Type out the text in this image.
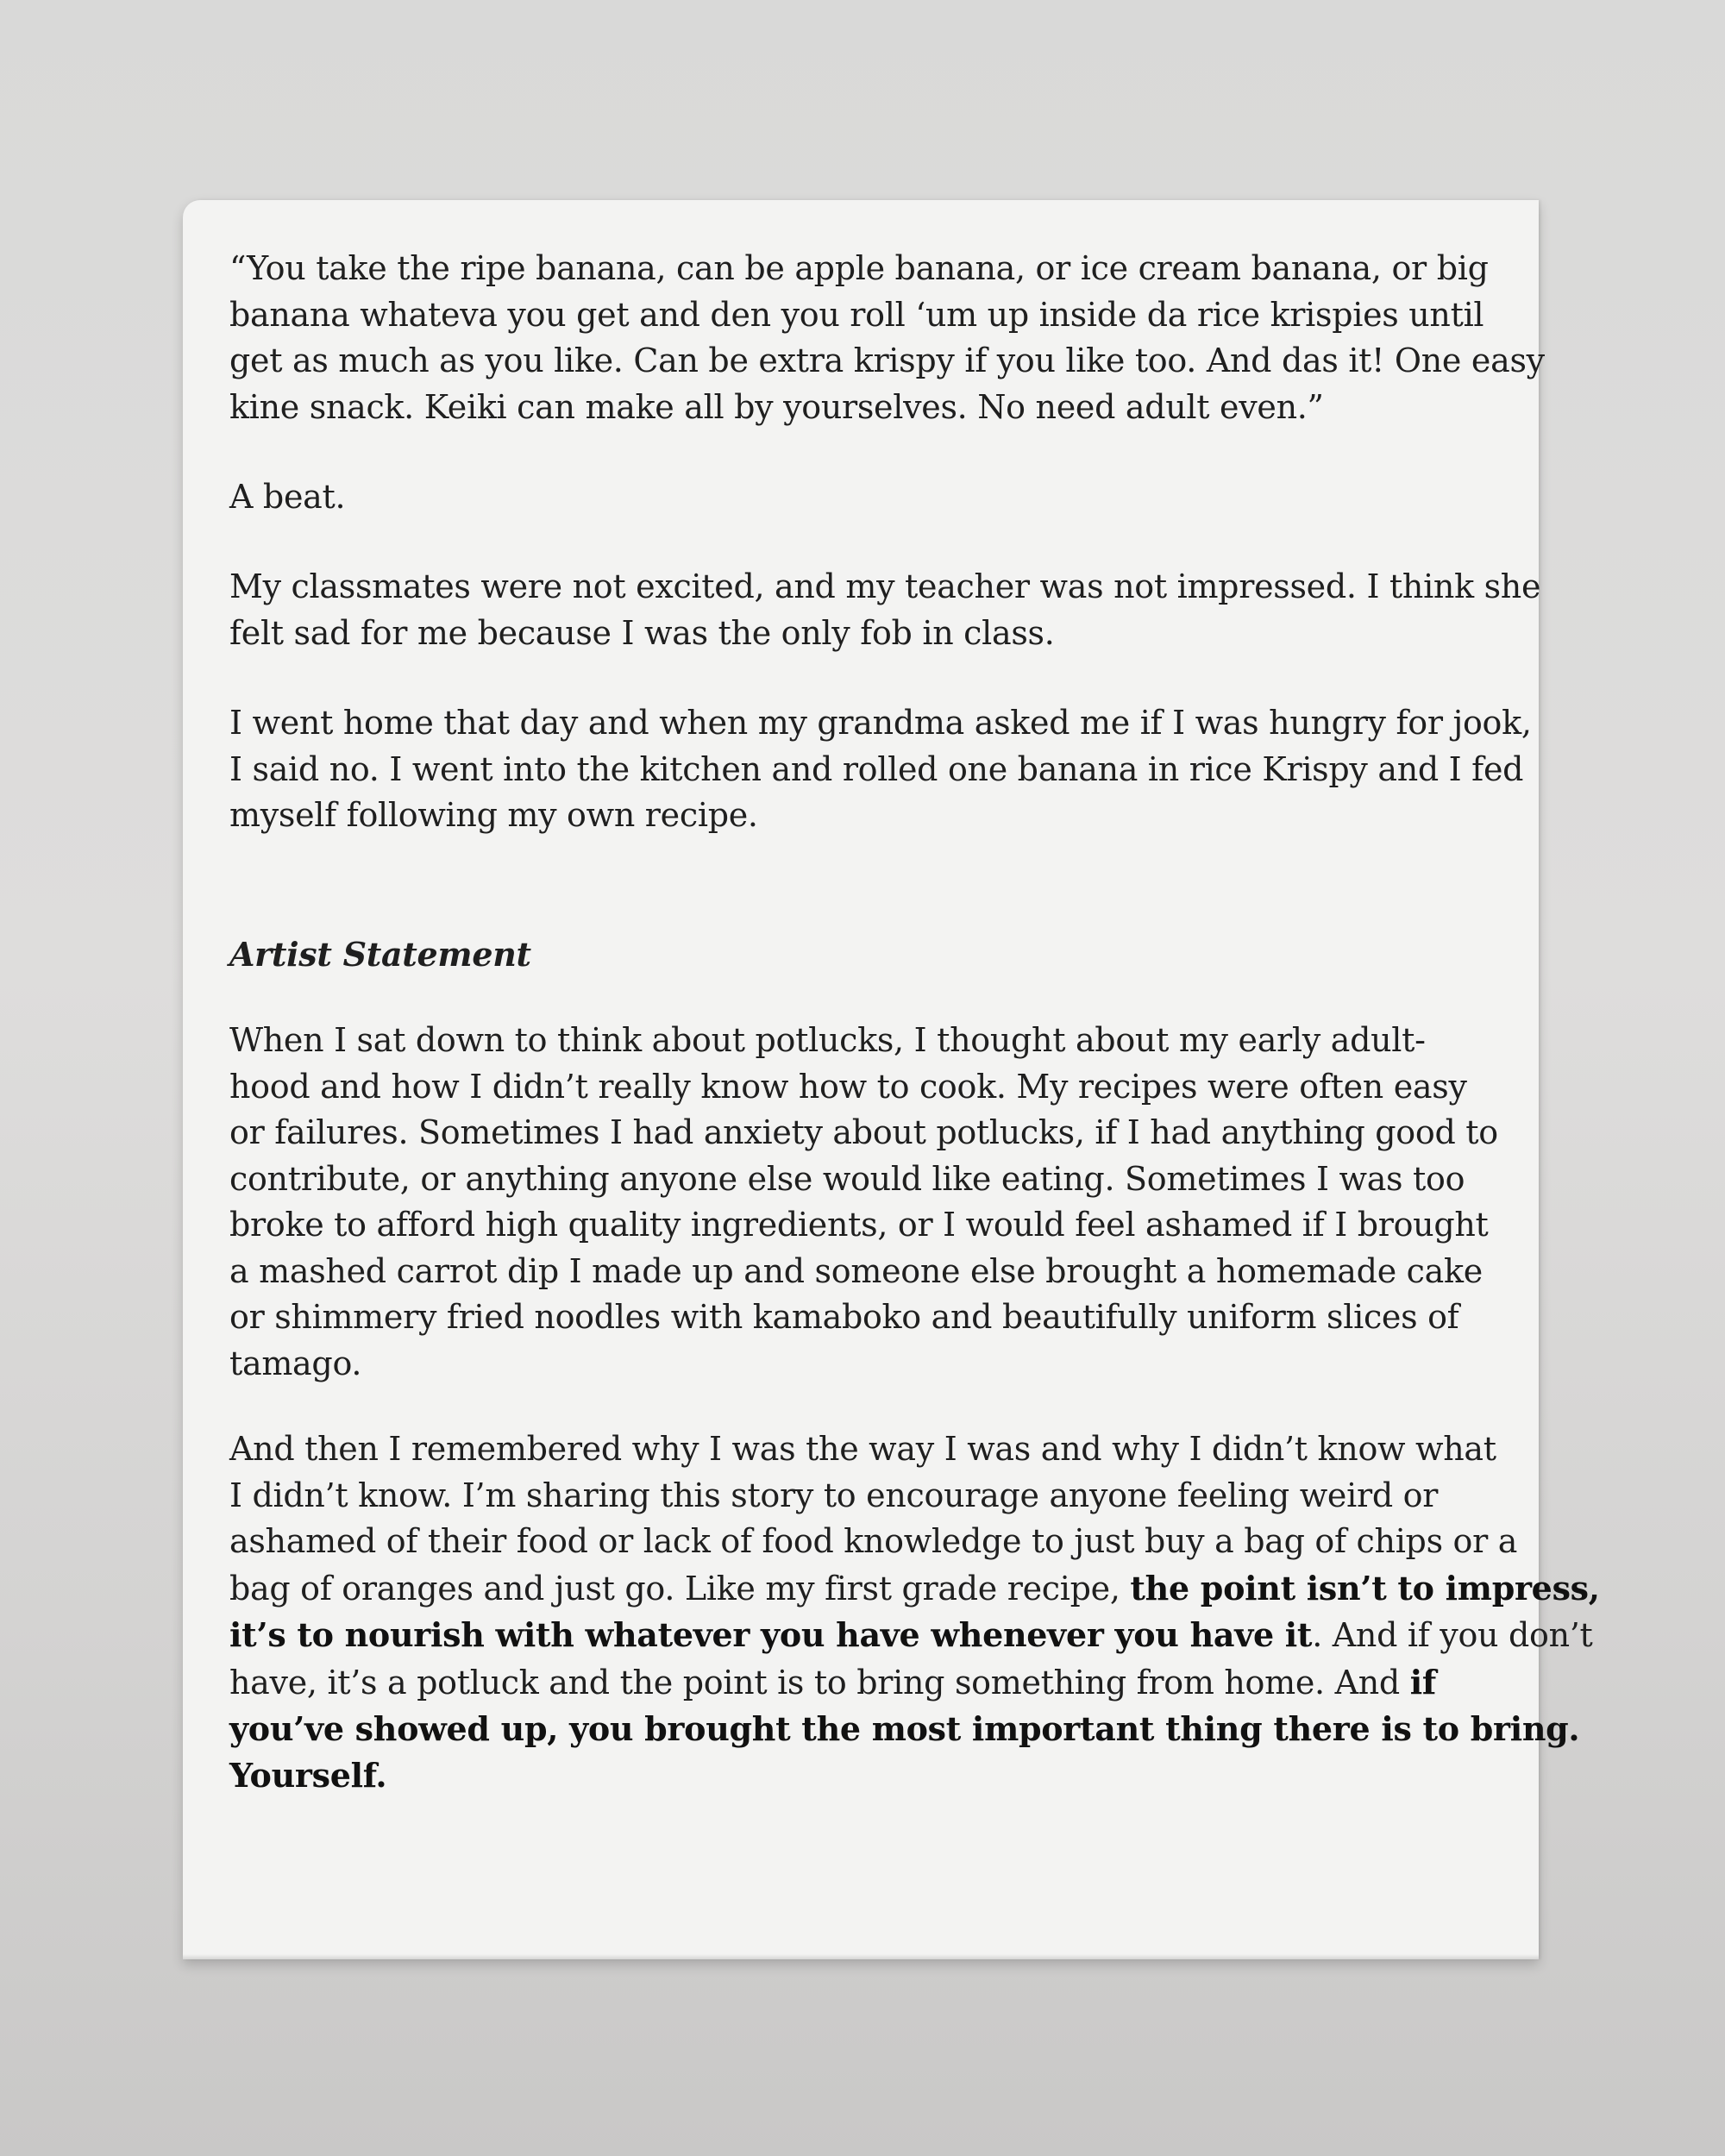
“You take the ripe banana, can be apple banana, or ice cream banana, or big
banana whateva you get and den you roll ‘um up inside da rice krispies until
get as much as you like. Can be extra krispy if you like too. And das it! One easy
kine snack. Keiki can make all by yourselves. No need adult even.”
A beat.
My classmates were not excited, and my teacher was not impressed. I think she
felt sad for me because I was the only fob in class.
I went home that day and when my grandma asked me if I was hungry for jook,
I said no. I went into the kitchen and rolled one banana in rice Krispy and I fed
myself following my own recipe.
Artist Statement
When I sat down to think about potlucks, I thought about my early adult-
hood and how I didn’t really know how to cook. My recipes were often easy
or failures. Sometimes I had anxiety about potlucks, if I had anything good to
contribute, or anything anyone else would like eating. Sometimes I was too
broke to afford high quality ingredients, or I would feel ashamed if I brought
a mashed carrot dip I made up and someone else brought a homemade cake
or shimmery fried noodles with kamaboko and beautifully uniform slices of
tamago.
And then I remembered why I was the way I was and why I didn’t know what
I didn’t know. I’m sharing this story to encourage anyone feeling weird or
ashamed of their food or lack of food knowledge to just buy a bag of chips or a
bag of oranges and just go. Like my first grade recipe, the point isn’t to impress,
it’s to nourish with whatever you have whenever you have it. And if you don’t
have, it’s a potluck and the point is to bring something from home. And if
you’ve showed up, you brought the most important thing there is to bring.
Yourself.
